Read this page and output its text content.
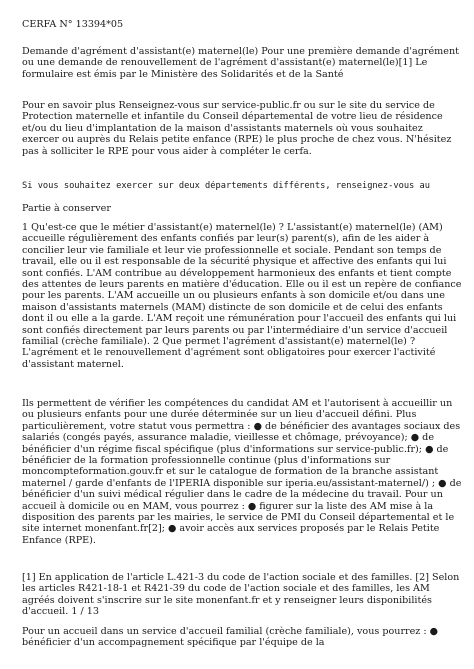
CERFA N° 13394*05

Demande d'agrément d'assistant(e) maternel(le) Pour une première demande d'agrément ou une demande de renouvellement de l'agrément d'assistant(e) maternel(le)[1] Le formulaire est émis par le Ministère des Solidarités et de la Santé

Pour en savoir plus Renseignez-vous sur service-public.fr ou sur le site du service de Protection maternelle et infantile du Conseil départemental de votre lieu de résidence et/ou du lieu d'implantation de la maison d'assistants maternels où vous souhaitez exercer ou auprès du Relais petite enfance (RPE) le plus proche de chez vous. N'hésitez pas à solliciter le RPE pour vous aider à compléter le cerfa.

Si vous souhaitez exercer sur deux départements différents, renseignez-vous au

Partie à conserver

1 Qu'est-ce que le métier d'assistant(e) maternel(le) ? L'assistant(e) maternel(le) (AM) accueille régulièrement des enfants confiés par leur(s) parent(s), afin de les aider à concilier leur vie familiale et leur vie professionnelle et sociale. Pendant son temps de travail, elle ou il est responsable de la sécurité physique et affective des enfants qui lui sont confiés. L'AM contribue au développement harmonieux des enfants et tient compte des attentes de leurs parents en matière d'éducation. Elle ou il est un repère de confiance pour les parents. L'AM accueille un ou plusieurs enfants à son domicile et/ou dans une maison d'assistants maternels (MAM) distincte de son domicile et de celui des enfants dont il ou elle a la garde. L'AM reçoit une rémunération pour l'accueil des enfants qui lui sont confiés directement par leurs parents ou par l'intermédiaire d'un service d'accueil familial (crèche familiale). 2 Que permet l'agrément d'assistant(e) maternel(le) ? L'agrément et le renouvellement d'agrément sont obligatoires pour exercer l'activité d'assistant maternel.

Ils permettent de vérifier les compétences du candidat AM et l'autorisent à accueillir un ou plusieurs enfants pour une durée déterminée sur un lieu d'accueil défini. Plus particulièrement, votre statut vous permettra : ● de bénéficier des avantages sociaux des salariés (congés payés, assurance maladie, vieillesse et chômage, prévoyance); ● de bénéficier d'un régime fiscal spécifique (plus d'informations sur service-public.fr); ● de bénéficier de la formation professionnelle continue (plus d'informations sur moncompteformation.gouv.fr et sur le catalogue de formation de la branche assistant maternel / garde d'enfants de l'IPERIA disponible sur iperia.eu/assistant-maternel/) ; ● de bénéficier d'un suivi médical régulier dans le cadre de la médecine du travail. Pour un accueil à domicile ou en MAM, vous pourrez : ● figurer sur la liste des AM mise à la disposition des parents par les mairies, le service de PMI du Conseil départemental et le site internet monenfant.fr[2]; ● avoir accès aux services proposés par le Relais Petite Enfance (RPE).

[1] En application de l'article L.421-3 du code de l'action sociale et des familles. [2] Selon les articles R421-18-1 et R421-39 du code de l'action sociale et des familles, les AM agréés doivent s'inscrire sur le site monenfant.fr et y renseigner leurs disponibilités d'accueil. 1 / 13

Pour un accueil dans un service d'accueil familial (crèche familiale), vous pourrez : ● bénéficier d'un accompagnement spécifique par l'équipe de la
